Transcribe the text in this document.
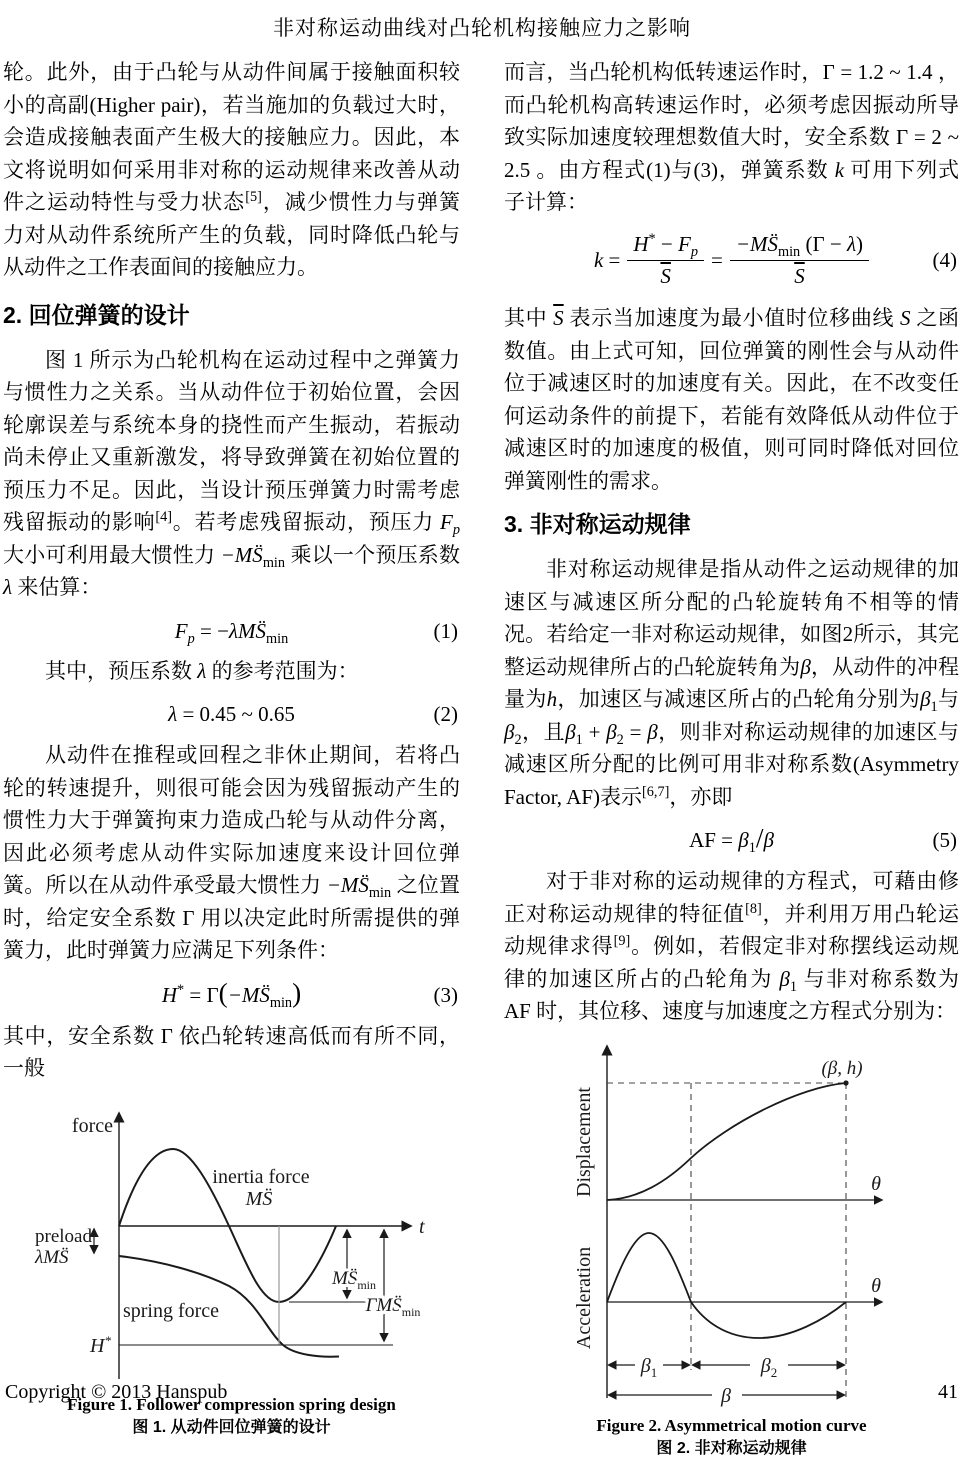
非对称运动曲线对凸轮机构接触应力之影响

轮。此外，由于凸轮与从动件间属于接触面积较小的高副(Higher pair)，若当施加的负载过大时，会造成接触表面产生极大的接触应力。因此，本文将说明如何采用非对称的运动规律来改善从动件之运动特性与受力状态[5]，减少惯性力与弹簧力对从动件系统所产生的负载，同时降低凸轮与从动件之工作表面间的接触应力。

2. 回位弹簧的设计

图 1 所示为凸轮机构在运动过程中之弹簧力与惯性力之关系。当从动件位于初始位置，会因轮廓误差与系统本身的挠性而产生振动，若振动尚未停止又重新激发，将导致弹簧在初始位置的预压力不足。因此，当设计预压弹簧力时需考虑残留振动的影响[4]。若考虑残留振动，预压力 $F_p$ 大小可利用最大惯性力 $-MS̈_{min}$ 乘以一个预压系数 λ 来估算：

$F_p$ = $-\lambda MS̈_{min}$	(1)

其中，预压系数 λ 的参考范围为：

λ = 0.45 ~ 0.65	(2)

从动件在推程或回程之非休止期间，若将凸轮的转速提升，则很可能会因为残留振动产生的惯性力大于弹簧拘束力造成凸轮与从动件分离，因此必须考虑从动件实际加速度来设计回位弹簧。所以在从动件承受最大惯性力 $-MS̈_{min}$ 之位置时，给定安全系数 Γ 用以决定此时所需提供的弹簧力，此时弹簧力应满足下列条件：

$H^* = \Gamma(-MS̈_{min})$	(3)

其中，安全系数 Γ 依凸轮转速高低而有所不同，一般

force
t
inertia force
MS̈
spring force
preload
λMS̈
H*
$MS̈_{min}$
$\Gamma MS̈_{min}$
Figure 1. Follower compression spring design
图 1. 从动件回位弹簧的设计

而言，当凸轮机构低转速运作时，Γ = 1.2 ~ 1.4 ，而凸轮机构高转速运作时，必须考虑因振动所导致实际加速度较理想数值大时，安全系数 Γ = 2 ~ 2.5 。由方程式(1)与(3)，弹簧系数 k 可用下列式子计算：

$k = \frac{H^* - F_p}{S} = \frac{-MS̈_{min} (\Gamma - \lambda)}{S}$	(4)

其中 $\overline{S}$ 表示当加速度为最小值时位移曲线 S 之函数值。由上式可知，回位弹簧的刚性会与从动件位于减速区时的加速度有关。因此，在不改变任何运动条件的前提下，若能有效降低从动件位于减速区时的加速度的极值，则可同时降低对回位弹簧刚性的需求。

3. 非对称运动规律

非对称运动规律是指从动件之运动规律的加速区与减速区所分配的凸轮旋转角不相等的情况。若给定一非对称运动规律，如图2所示，其完整运动规律所占的凸轮旋转角为β，从动件的冲程量为h，加速区与减速区所占的凸轮角分别为$\beta_1$与$\beta_2$，且$\beta_1 + \beta_2 = \beta$，则非对称运动规律的加速区与减速区所分配的比例可用非对称系数(Asymmetry Factor, AF)表示[6,7]，亦即

AF = $\beta_1/\beta$	(5)

对于非对称的运动规律的方程式，可藉由修正对称运动规律的特征值[8]，并利用万用凸轮运动规律求得[9]。例如，若假定非对称摆线运动规律的加速区所占的凸轮角为 $\beta_1$ 与非对称系数为 AF 时，其位移、速度与加速度之方程式分别为：

(β, h)
θ
Displacement
θ
Acceleration
$\beta_1$	$\beta_2$
β
Figure 2. Asymmetrical motion curve
图 2. 非对称运动规律
Copyright © 2013 Hanspub	41
